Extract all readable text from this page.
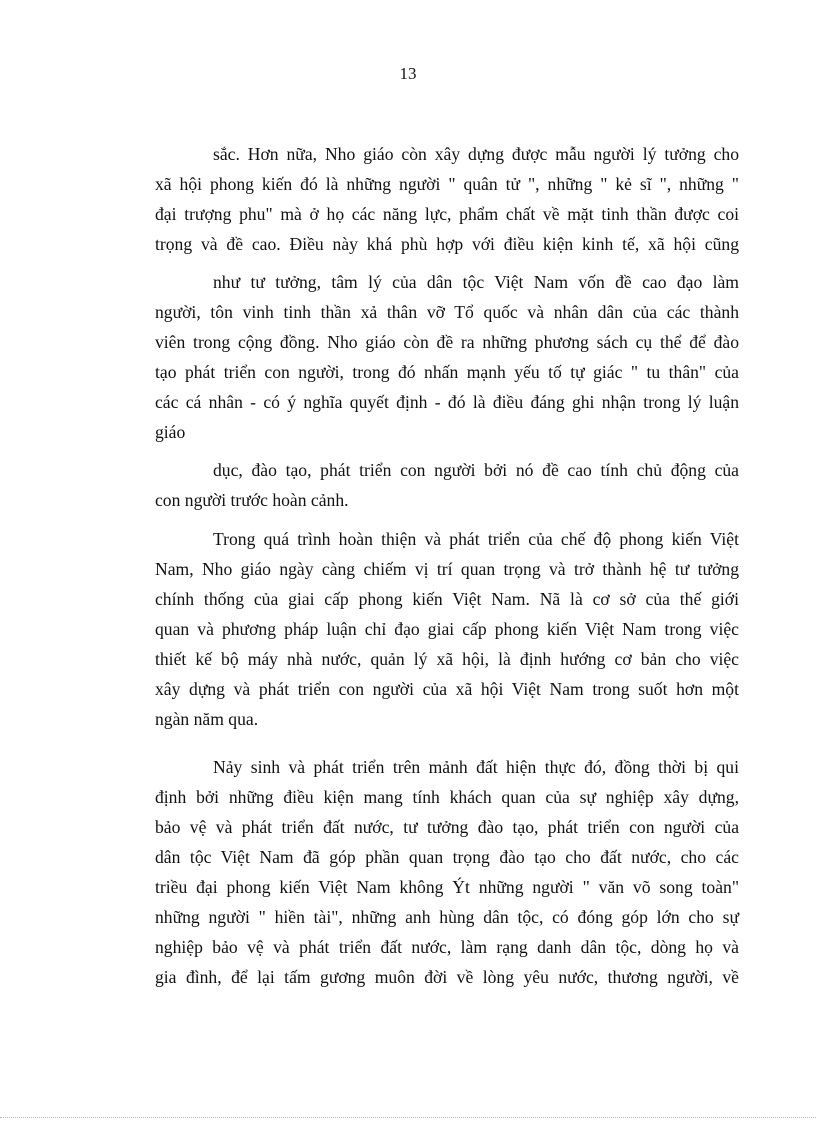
13
sắc. Hơn nữa, Nho giáo còn xây dựng được mẫu người lý tưởng cho
xã hội phong kiến đó là những người " quân tử ", những " kẻ sĩ ", những "
đại trượng phu" mà ở họ các năng lực, phẩm chất về mặt tinh thần được coi
trọng và đề cao. Điều này khá phù hợp với điều kiện kinh tế, xã hội cũng
như tư tưởng, tâm lý của dân tộc Việt Nam vốn đề cao đạo làm
người, tôn vinh tinh thần xả thân vỡ Tổ quốc và nhân dân của các thành
viên trong cộng đồng. Nho giáo còn đề ra những phương sách cụ thể để đào
tạo phát triển con người, trong đó nhấn mạnh yếu tố tự giác " tu thân" của
các cá nhân - có ý nghĩa quyết định - đó là điều đáng ghi nhận trong lý luận
giáo
dục, đào tạo, phát triển con người bởi nó đề cao tính chủ động của
con người trước hoàn cảnh.
Trong quá trình hoàn thiện và phát triển của chế độ phong kiến Việt
Nam, Nho giáo ngày càng chiếm vị trí quan trọng và trở thành hệ tư tưởng
chính thống của giai cấp phong kiến Việt Nam. Nã là cơ sở của thế giới
quan và phương pháp luận chỉ đạo giai cấp phong kiến Việt Nam trong việc
thiết kế bộ máy nhà nước, quản lý xã hội, là định hướng cơ bản cho việc
xây dựng và phát triển con người của xã hội Việt Nam trong suốt hơn một
ngàn năm qua.
Nảy sinh và phát triển trên mảnh đất hiện thực đó, đồng thời bị qui
định bởi những điều kiện mang tính khách quan của sự nghiệp xây dựng,
bảo vệ và phát triển đất nước, tư tưởng đào tạo, phát triển con người của
dân tộc Việt Nam đã góp phần quan trọng đào tạo cho đất nước, cho các
triều đại phong kiến Việt Nam không Ýt những người " văn võ song toàn"
những người " hiền tài", những anh hùng dân tộc, có đóng góp lớn cho sự
nghiệp bảo vệ và phát triển đất nước, làm rạng danh dân tộc, dòng họ và
gia đình, để lại tấm gương muôn đời về lòng yêu nước, thương người, về
